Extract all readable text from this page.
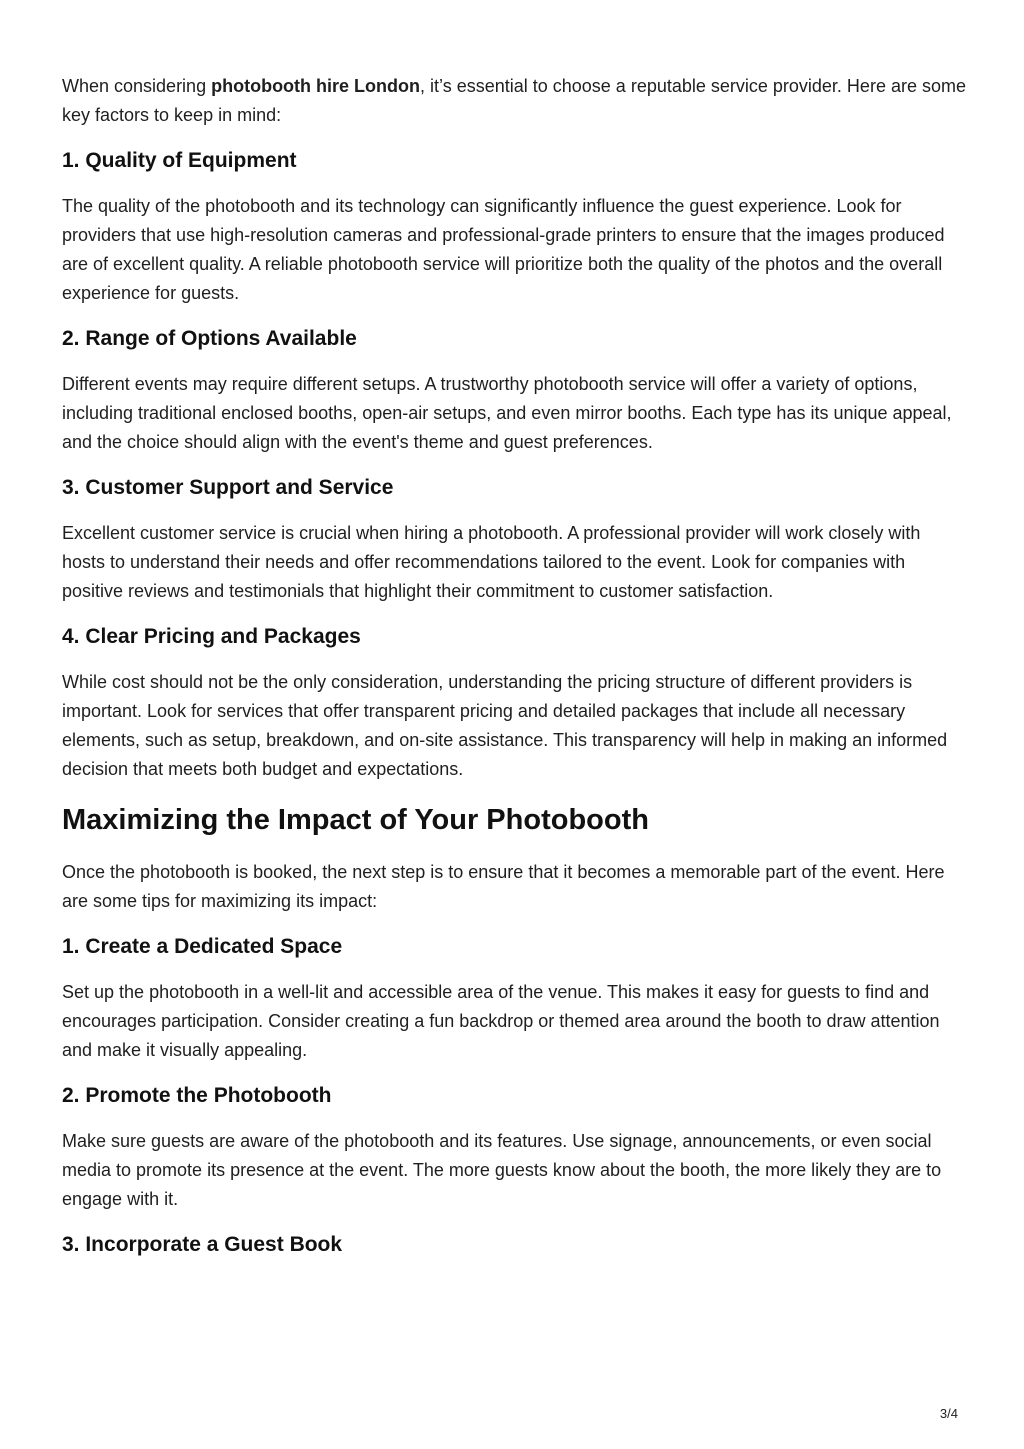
When considering photobooth hire London, it’s essential to choose a reputable service provider. Here are some key factors to keep in mind:

1. Quality of Equipment

The quality of the photobooth and its technology can significantly influence the guest experience. Look for providers that use high-resolution cameras and professional-grade printers to ensure that the images produced are of excellent quality. A reliable photobooth service will prioritize both the quality of the photos and the overall experience for guests.

2. Range of Options Available

Different events may require different setups. A trustworthy photobooth service will offer a variety of options, including traditional enclosed booths, open-air setups, and even mirror booths. Each type has its unique appeal, and the choice should align with the event's theme and guest preferences.

3. Customer Support and Service

Excellent customer service is crucial when hiring a photobooth. A professional provider will work closely with hosts to understand their needs and offer recommendations tailored to the event. Look for companies with positive reviews and testimonials that highlight their commitment to customer satisfaction.

4. Clear Pricing and Packages

While cost should not be the only consideration, understanding the pricing structure of different providers is important. Look for services that offer transparent pricing and detailed packages that include all necessary elements, such as setup, breakdown, and on-site assistance. This transparency will help in making an informed decision that meets both budget and expectations.

Maximizing the Impact of Your Photobooth

Once the photobooth is booked, the next step is to ensure that it becomes a memorable part of the event. Here are some tips for maximizing its impact:

1. Create a Dedicated Space

Set up the photobooth in a well-lit and accessible area of the venue. This makes it easy for guests to find and encourages participation. Consider creating a fun backdrop or themed area around the booth to draw attention and make it visually appealing.

2. Promote the Photobooth

Make sure guests are aware of the photobooth and its features. Use signage, announcements, or even social media to promote its presence at the event. The more guests know about the booth, the more likely they are to engage with it.

3. Incorporate a Guest Book
3/4
